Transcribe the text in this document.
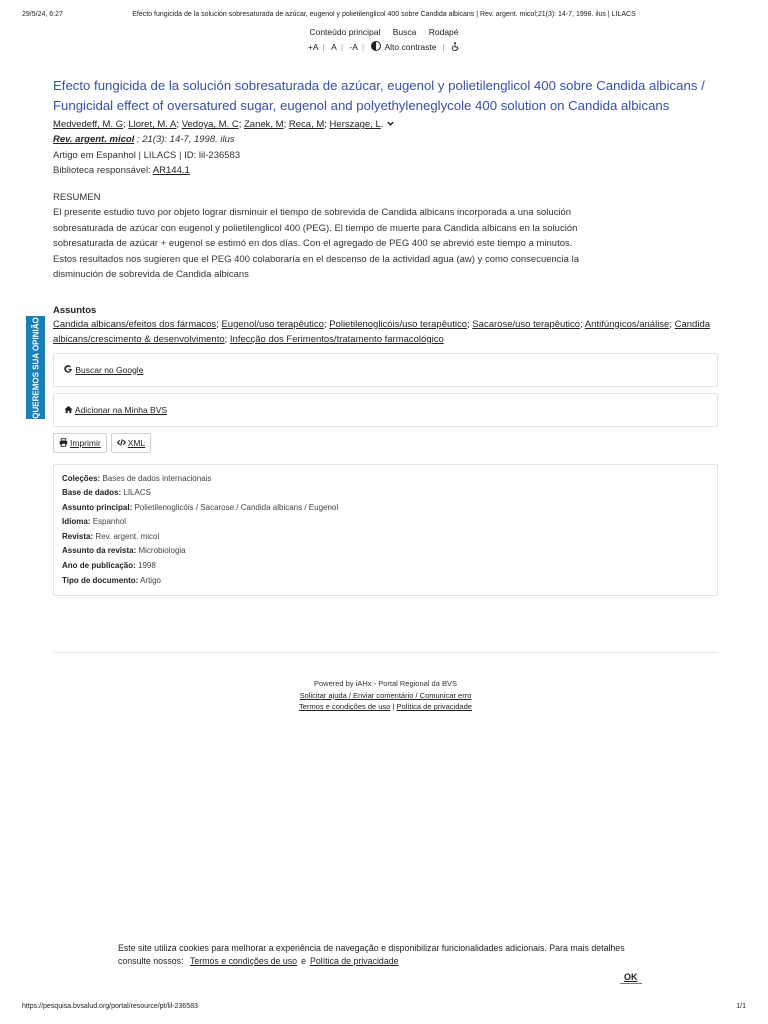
29/5/24, 6:27	Efecto fungicida de la solución sobresaturada de azúcar, eugenol y polietilenglicol 400 sobre Candida albicans | Rev. argent. micol;21(3): 14-7, 1998. ilus | LILACS
Conteúdo principal Busca Rodapé
+A | A | -A | Alto contraste |
QUEREMOS SUA OPINIÃO
Efecto fungicida de la solución sobresaturada de azúcar, eugenol y polietilenglicol 400 sobre Candida albicans / Fungicidal effect of oversatured sugar, eugenol and polyethyleneglycole 400 solution on Candida albicans
Medvedeff, M. G; Lloret, M. A; Vedoya, M. C; Zanek, M; Reca, M; Herszage, L.
Rev. argent. micol ; 21(3): 14-7, 1998. ilus
Artigo em Espanhol | LILACS | ID: lil-236583
Biblioteca responsável: AR144.1
RESUMEN
El presente estudio tuvo por objeto lograr disminuir el tiempo de sobrevida de Candida albicans incorporada a una solución sobresaturada de azúcar con eugenol y polietilenglicol 400 (PEG). El tiempo de muerte para Candida albicans en la solución sobresaturada de azúcar + eugenol se estimó en dos días. Con el agregado de PEG 400 se abrevió este tiempo a minutos.
Estos resultados nos sugieren que el PEG 400 colaboraría en el descenso de la actividad agua (aw) y como consecuencia la disminución de sobrevida de Candida albicans
Assuntos
Candida albicans/efeitos dos fármacos; Eugenol/uso terapêutico; Polietilenoglicóis/uso terapêutico; Sacarose/uso terapêutico; Antifúngicos/análise; Candida albicans/crescimento & desenvolvimento; Infecção dos Ferimentos/tratamento farmacológico
Buscar no Google
Adicionar na Minha BVS
Imprimir	XML
Coleções: Bases de dados internacionais
Base de dados: LILACS
Assunto principal: Polietilenoglicóis / Sacarose / Candida albicans / Eugenol
Idioma: Espanhol
Revista: Rev. argent. micol
Assunto da revista: Microbiologia
Ano de publicação: 1998
Tipo de documento: Artigo
Powered by iAHx - Portal Regional da BVS
Solicitar ajuda / Enviar comentário / Comunicar erro
Termos e condições de uso | Política de privacidade
Este site utiliza cookies para melhorar a experiência de navegação e disponibilizar funcionalidades adicionais. Para mais detalhes consulte nossos: Termos e condições de uso e Política de privacidade
OK
https://pesquisa.bvsalud.org/portal/resource/pt/lil-236583	1/1
